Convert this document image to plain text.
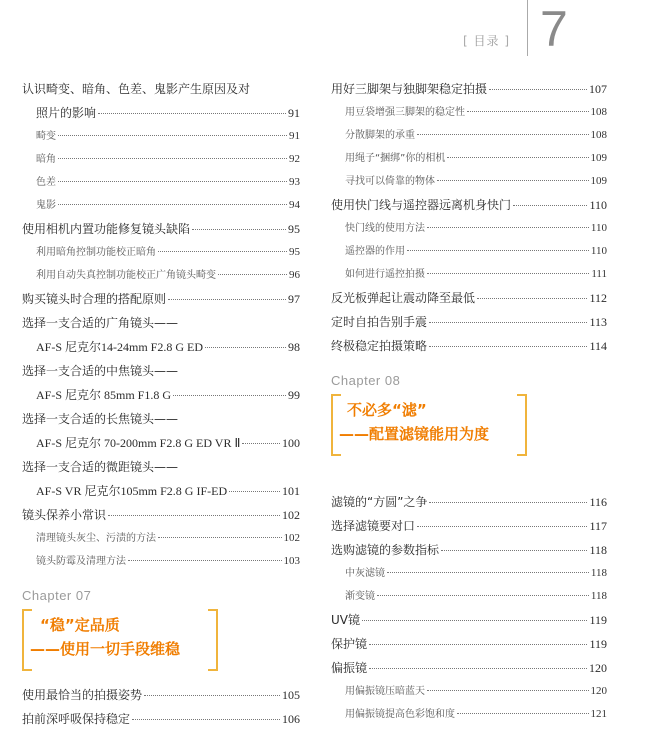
[ 目录 ] 7
认识畸变、暗角、色差、鬼影产生原因及对
照片的影响	91
畸变	91
暗角	92
色差	93
鬼影	94
使用相机内置功能修复镜头缺陷	95
利用暗角控制功能校正暗角	95
利用自动失真控制功能校正广角镜头畸变	96
购买镜头时合理的搭配原则	97
选择一支合适的广角镜头——
AF-S 尼克尔14-24mm F2.8 G ED	98
选择一支合适的中焦镜头——
AF-S 尼克尔 85mm F1.8 G	99
选择一支合适的长焦镜头——
AF-S 尼克尔 70-200mm F2.8 G ED VR Ⅱ	100
选择一支合适的微距镜头——
AF-S VR 尼克尔105mm F2.8 G IF-ED	101
镜头保养小常识	102
清理镜头灰尘、污渍的方法	102
镜头防霉及清理方法	103
Chapter 07
“稳”定品质
——使用一切手段维稳
使用最恰当的拍摄姿势	105
拍前深呼吸保持稳定	106
用好三脚架与独脚架稳定拍摄	107
用豆袋增强三脚架的稳定性	108
分散脚架的承重	108
用绳子“捆绑”你的相机	109
寻找可以倚靠的物体	109
使用快门线与遥控器远离机身快门	110
快门线的使用方法	110
遥控器的作用	110
如何进行遥控拍摄	111
反光板弹起让震动降至最低	112
定时自拍告别手震	113
终极稳定拍摄策略	114
Chapter 08
不必多“滤”
——配置滤镜能用为度
滤镜的“方圆”之争	116
选择滤镜要对口	117
选购滤镜的参数指标	118
中灰滤镜	118
渐变镜	118
UV镜	119
保护镜	119
偏振镜	120
用偏振镜压暗蓝天	120
用偏振镜提高色彩饱和度	121
